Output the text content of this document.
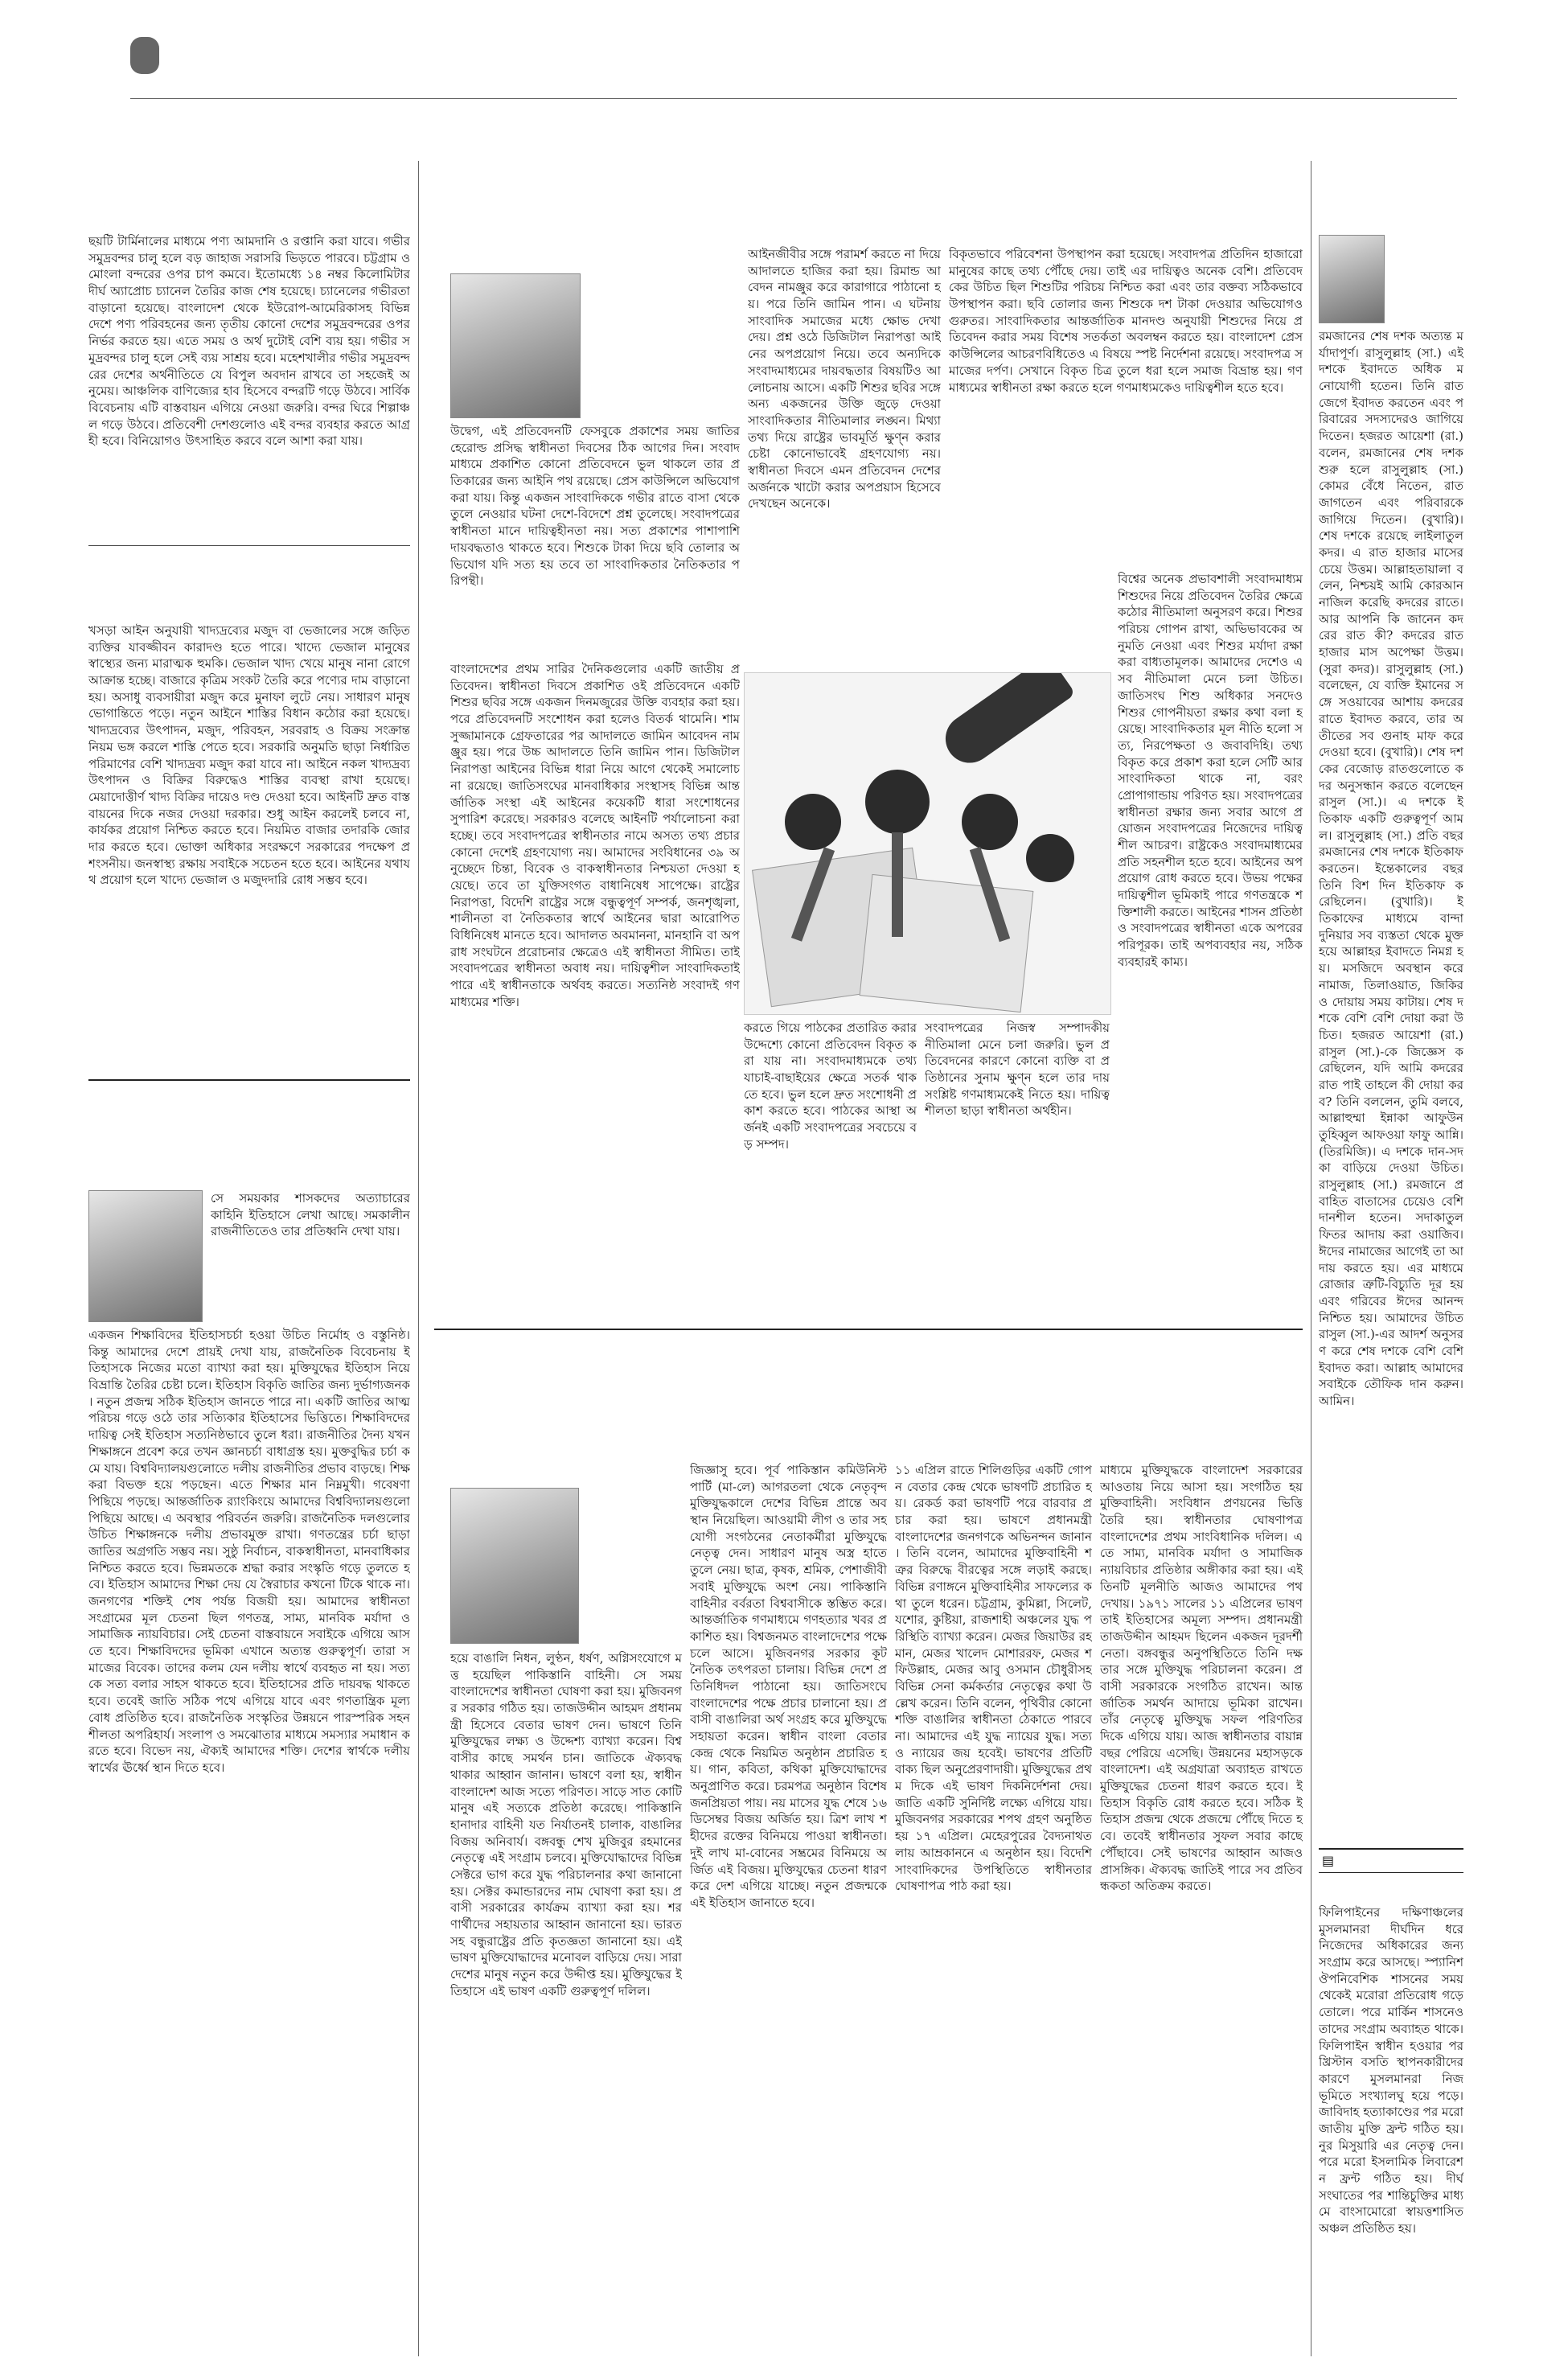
ছয়টি টার্মিনালের মাধ্যমে পণ্য আমদানি ও রপ্তানি করা যাবে। গভীর সমুদ্রবন্দর চালু হলে বড় জাহাজ সরাসরি ভিড়তে পারবে। চট্টগ্রাম ও মোংলা বন্দরের ওপর চাপ কমবে। ইতোমধ্যে ১৪ নম্বর কিলোমিটার দীর্ঘ অ্যাপ্রোচ চ্যানেল তৈরির কাজ শেষ হয়েছে। চ্যানেলের গভীরতা বাড়ানো হয়েছে। বাংলাদেশ থেকে ইউরোপ-আমেরিকাসহ বিভিন্ন দেশে পণ্য পরিবহনের জন্য তৃতীয় কোনো দেশের সমুদ্রবন্দরের ওপর নির্ভর করতে হয়। এতে সময় ও অর্থ দুটোই বেশি ব্যয় হয়। গভীর সমুদ্রবন্দর চালু হলে সেই ব্যয় সাশ্রয় হবে। মহেশখালীর গভীর সমুদ্রবন্দরের দেশের অর্থনীতিতে যে বিপুল অবদান রাখবে তা সহজেই অনুমেয়। আঞ্চলিক বাণিজ্যের হাব হিসেবে বন্দরটি গড়ে উঠবে। সার্বিক বিবেচনায় এটি বাস্তবায়ন এগিয়ে নেওয়া জরুরি। বন্দর ঘিরে শিল্পাঞ্চল গড়ে উঠবে। প্রতিবেশী দেশগুলোও এই বন্দর ব্যবহার করতে আগ্রহী হবে। বিনিয়োগও উৎসাহিত করবে বলে আশা করা যায়।
খসড়া আইন অনুযায়ী খাদ্যদ্রব্যের মজুদ বা ভেজালের সঙ্গে জড়িত ব্যক্তির যাবজ্জীবন কারাদণ্ড হতে পারে। খাদ্যে ভেজাল মানুষের স্বাস্থ্যের জন্য মারাত্মক হুমকি। ভেজাল খাদ্য খেয়ে মানুষ নানা রোগে আক্রান্ত হচ্ছে। বাজারে কৃত্রিম সংকট তৈরি করে পণ্যের দাম বাড়ানো হয়। অসাধু ব্যবসায়ীরা মজুদ করে মুনাফা লুটে নেয়। সাধারণ মানুষ ভোগান্তিতে পড়ে। নতুন আইনে শাস্তির বিধান কঠোর করা হয়েছে। খাদ্যদ্রব্যের উৎপাদন, মজুদ, পরিবহন, সরবরাহ ও বিক্রয় সংক্রান্ত নিয়ম ভঙ্গ করলে শাস্তি পেতে হবে। সরকারি অনুমতি ছাড়া নির্ধারিত পরিমাণের বেশি খাদ্যদ্রব্য মজুদ করা যাবে না। আইনে নকল খাদ্যদ্রব্য উৎপাদন ও বিক্রির বিরুদ্ধেও শাস্তির ব্যবস্থা রাখা হয়েছে। মেয়াদোত্তীর্ণ খাদ্য বিক্রির দায়েও দণ্ড দেওয়া হবে। আইনটি দ্রুত বাস্তবায়নের দিকে নজর দেওয়া দরকার। শুধু আইন করলেই চলবে না, কার্যকর প্রয়োগ নিশ্চিত করতে হবে। নিয়মিত বাজার তদারকি জোরদার করতে হবে। ভোক্তা অধিকার সংরক্ষণে সরকারের পদক্ষেপ প্রশংসনীয়। জনস্বাস্থ্য রক্ষায় সবাইকে সচেতন হতে হবে। আইনের যথাযথ প্রয়োগ হলে খাদ্যে ভেজাল ও মজুদদারি রোধ সম্ভব হবে।
সে সময়কার শাসকদের অত্যাচারের কাহিনি ইতিহাসে লেখা আছে। সমকালীন রাজনীতিতেও তার প্রতিধ্বনি দেখা যায়।
একজন শিক্ষাবিদের ইতিহাসচর্চা হওয়া উচিত নির্মোহ ও বস্তুনিষ্ঠ। কিন্তু আমাদের দেশে প্রায়ই দেখা যায়, রাজনৈতিক বিবেচনায় ইতিহাসকে নিজের মতো ব্যাখ্যা করা হয়। মুক্তিযুদ্ধের ইতিহাস নিয়ে বিভ্রান্তি তৈরির চেষ্টা চলে। ইতিহাস বিকৃতি জাতির জন্য দুর্ভাগ্যজনক। নতুন প্রজন্ম সঠিক ইতিহাস জানতে পারে না। একটি জাতির আত্মপরিচয় গড়ে ওঠে তার সত্যিকার ইতিহাসের ভিত্তিতে। শিক্ষাবিদদের দায়িত্ব সেই ইতিহাস সত্যনিষ্ঠভাবে তুলে ধরা। রাজনীতির দৈন্য যখন শিক্ষাঙ্গনে প্রবেশ করে তখন জ্ঞানচর্চা বাধাগ্রস্ত হয়। মুক্তবুদ্ধির চর্চা কমে যায়। বিশ্ববিদ্যালয়গুলোতে দলীয় রাজনীতির প্রভাব বাড়ছে। শিক্ষকরা বিভক্ত হয়ে পড়ছেন। এতে শিক্ষার মান নিম্নমুখী। গবেষণা পিছিয়ে পড়ছে। আন্তর্জাতিক র‍্যাংকিংয়ে আমাদের বিশ্ববিদ্যালয়গুলো পিছিয়ে আছে। এ অবস্থার পরিবর্তন জরুরি। রাজনৈতিক দলগুলোর উচিত শিক্ষাঙ্গনকে দলীয় প্রভাবমুক্ত রাখা। গণতন্ত্রের চর্চা ছাড়া জাতির অগ্রগতি সম্ভব নয়। সুষ্ঠু নির্বাচন, বাকস্বাধীনতা, মানবাধিকার নিশ্চিত করতে হবে। ভিন্নমতকে শ্রদ্ধা করার সংস্কৃতি গড়ে তুলতে হবে। ইতিহাস আমাদের শিক্ষা দেয় যে স্বৈরাচার কখনো টিকে থাকে না। জনগণের শক্তিই শেষ পর্যন্ত বিজয়ী হয়। আমাদের স্বাধীনতা সংগ্রামের মূল চেতনা ছিল গণতন্ত্র, সাম্য, মানবিক মর্যাদা ও সামাজিক ন্যায়বিচার। সেই চেতনা বাস্তবায়নে সবাইকে এগিয়ে আসতে হবে। শিক্ষাবিদদের ভূমিকা এখানে অত্যন্ত গুরুত্বপূর্ণ। তারা সমাজের বিবেক। তাদের কলম যেন দলীয় স্বার্থে ব্যবহৃত না হয়। সত্যকে সত্য বলার সাহস থাকতে হবে। ইতিহাসের প্রতি দায়বদ্ধ থাকতে হবে। তবেই জাতি সঠিক পথে এগিয়ে যাবে এবং গণতান্ত্রিক মূল্যবোধ প্রতিষ্ঠিত হবে। রাজনৈতিক সংস্কৃতির উন্নয়নে পারস্পরিক সহনশীলতা অপরিহার্য। সংলাপ ও সমঝোতার মাধ্যমে সমস্যার সমাধান করতে হবে। বিভেদ নয়, ঐক্যই আমাদের শক্তি। দেশের স্বার্থকে দলীয় স্বার্থের ঊর্ধ্বে স্থান দিতে হবে।
উদ্বেগ, এই প্রতিবেদনটি ফেসবুকে প্রকাশের সময় জাতির হেরোল্ড প্রসিদ্ধ স্বাধীনতা দিবসের ঠিক আগের দিন। সংবাদমাধ্যমে প্রকাশিত কোনো প্রতিবেদনে ভুল থাকলে তার প্রতিকারের জন্য আইনি পথ রয়েছে। প্রেস কাউন্সিলে অভিযোগ করা যায়। কিন্তু একজন সাংবাদিককে গভীর রাতে বাসা থেকে তুলে নেওয়ার ঘটনা দেশে-বিদেশে প্রশ্ন তুলেছে। সংবাদপত্রের স্বাধীনতা মানে দায়িত্বহীনতা নয়। সত্য প্রকাশের পাশাপাশি দায়বদ্ধতাও থাকতে হবে। শিশুকে টাকা দিয়ে ছবি তোলার অভিযোগ যদি সত্য হয় তবে তা সাংবাদিকতার নৈতিকতার পরিপন্থী।
আইনজীবীর সঙ্গে পরামর্শ করতে না দিয়ে আদালতে হাজির করা হয়। রিমান্ড আবেদন নামঞ্জুর করে কারাগারে পাঠানো হয়। পরে তিনি জামিন পান। এ ঘটনায় সাংবাদিক সমাজের মধ্যে ক্ষোভ দেখা দেয়। প্রশ্ন ওঠে ডিজিটাল নিরাপত্তা আইনের অপপ্রয়োগ নিয়ে। তবে অন্যদিকে সংবাদমাধ্যমের দায়বদ্ধতার বিষয়টিও আলোচনায় আসে। একটি শিশুর ছবির সঙ্গে অন্য একজনের উক্তি জুড়ে দেওয়া সাংবাদিকতার নীতিমালার লঙ্ঘন। মিথ্যা তথ্য দিয়ে রাষ্ট্রের ভাবমূর্তি ক্ষুণ্ন করার চেষ্টা কোনোভাবেই গ্রহণযোগ্য নয়। স্বাধীনতা দিবসে এমন প্রতিবেদন দেশের অর্জনকে খাটো করার অপপ্রয়াস হিসেবে দেখছেন অনেকে।
বিকৃতভাবে পরিবেশনা উপস্থাপন করা হয়েছে। সংবাদপত্র প্রতিদিন হাজারো মানুষের কাছে তথ্য পৌঁছে দেয়। তাই এর দায়িত্বও অনেক বেশি। প্রতিবেদকের উচিত ছিল শিশুটির পরিচয় নিশ্চিত করা এবং তার বক্তব্য সঠিকভাবে উপস্থাপন করা। ছবি তোলার জন্য শিশুকে দশ টাকা দেওয়ার অভিযোগও গুরুতর। সাংবাদিকতার আন্তর্জাতিক মানদণ্ড অনুযায়ী শিশুদের নিয়ে প্রতিবেদন করার সময় বিশেষ সতর্কতা অবলম্বন করতে হয়। বাংলাদেশ প্রেস কাউন্সিলের আচরণবিধিতেও এ বিষয়ে স্পষ্ট নির্দেশনা রয়েছে। সংবাদপত্র সমাজের দর্পণ। সেখানে বিকৃত চিত্র তুলে ধরা হলে সমাজ বিভ্রান্ত হয়। গণমাধ্যমের স্বাধীনতা রক্ষা করতে হলে গণমাধ্যমকেও দায়িত্বশীল হতে হবে।
বাংলাদেশের প্রথম সারির দৈনিকগুলোর একটি জাতীয় প্রতিবেদন। স্বাধীনতা দিবসে প্রকাশিত ওই প্রতিবেদনে একটি শিশুর ছবির সঙ্গে একজন দিনমজুরের উক্তি ব্যবহার করা হয়। পরে প্রতিবেদনটি সংশোধন করা হলেও বিতর্ক থামেনি। শামসুজ্জামানকে গ্রেফতারের পর আদালতে জামিন আবেদন নামঞ্জুর হয়। পরে উচ্চ আদালতে তিনি জামিন পান। ডিজিটাল নিরাপত্তা আইনের বিভিন্ন ধারা নিয়ে আগে থেকেই সমালোচনা রয়েছে। জাতিসংঘের মানবাধিকার সংস্থাসহ বিভিন্ন আন্তর্জাতিক সংস্থা এই আইনের কয়েকটি ধারা সংশোধনের সুপারিশ করেছে। সরকারও বলেছে আইনটি পর্যালোচনা করা হচ্ছে। তবে সংবাদপত্রের স্বাধীনতার নামে অসত্য তথ্য প্রচার কোনো দেশেই গ্রহণযোগ্য নয়। আমাদের সংবিধানের ৩৯ অনুচ্ছেদে চিন্তা, বিবেক ও বাকস্বাধীনতার নিশ্চয়তা দেওয়া হয়েছে। তবে তা যুক্তিসংগত বাধানিষেধ সাপেক্ষে। রাষ্ট্রের নিরাপত্তা, বিদেশি রাষ্ট্রের সঙ্গে বন্ধুত্বপূর্ণ সম্পর্ক, জনশৃঙ্খলা, শালীনতা বা নৈতিকতার স্বার্থে আইনের দ্বারা আরোপিত বিধিনিষেধ মানতে হবে। আদালত অবমাননা, মানহানি বা অপরাধ সংঘটনে প্ররোচনার ক্ষেত্রেও এই স্বাধীনতা সীমিত। তাই সংবাদপত্রের স্বাধীনতা অবাধ নয়। দায়িত্বশীল সাংবাদিকতাই পারে এই স্বাধীনতাকে অর্থবহ করতে। সত্যনিষ্ঠ সংবাদই গণমাধ্যমের শক্তি।
করতে গিয়ে পাঠকের প্রতারিত করার উদ্দেশ্যে কোনো প্রতিবেদন বিকৃত করা যায় না। সংবাদমাধ্যমকে তথ্য যাচাই-বাছাইয়ের ক্ষেত্রে সতর্ক থাকতে হবে। ভুল হলে দ্রুত সংশোধনী প্রকাশ করতে হবে। পাঠকের আস্থা অর্জনই একটি সংবাদপত্রের সবচেয়ে বড় সম্পদ।
সংবাদপত্রের নিজস্ব সম্পাদকীয় নীতিমালা মেনে চলা জরুরি। ভুল প্রতিবেদনের কারণে কোনো ব্যক্তি বা প্রতিষ্ঠানের সুনাম ক্ষুণ্ন হলে তার দায় সংশ্লিষ্ট গণমাধ্যমকেই নিতে হয়। দায়িত্বশীলতা ছাড়া স্বাধীনতা অর্থহীন।
বিশ্বের অনেক প্রভাবশালী সংবাদমাধ্যম শিশুদের নিয়ে প্রতিবেদন তৈরির ক্ষেত্রে কঠোর নীতিমালা অনুসরণ করে। শিশুর পরিচয় গোপন রাখা, অভিভাবকের অনুমতি নেওয়া এবং শিশুর মর্যাদা রক্ষা করা বাধ্যতামূলক। আমাদের দেশেও এসব নীতিমালা মেনে চলা উচিত। জাতিসংঘ শিশু অধিকার সনদেও শিশুর গোপনীয়তা রক্ষার কথা বলা হয়েছে। সাংবাদিকতার মূল নীতি হলো সত্য, নিরপেক্ষতা ও জবাবদিহি। তথ্য বিকৃত করে প্রকাশ করা হলে সেটি আর সাংবাদিকতা থাকে না, বরং প্রোপাগান্ডায় পরিণত হয়। সংবাদপত্রের স্বাধীনতা রক্ষার জন্য সবার আগে প্রয়োজন সংবাদপত্রের নিজেদের দায়িত্বশীল আচরণ। রাষ্ট্রকেও সংবাদমাধ্যমের প্রতি সহনশীল হতে হবে। আইনের অপপ্রয়োগ রোধ করতে হবে। উভয় পক্ষের দায়িত্বশীল ভূমিকাই পারে গণতন্ত্রকে শক্তিশালী করতে। আইনের শাসন প্রতিষ্ঠা ও সংবাদপত্রের স্বাধীনতা একে অপরের পরিপূরক। তাই অপব্যবহার নয়, সঠিক ব্যবহারই কাম্য।
হয়ে বাঙালি নিধন, লুণ্ঠন, ধর্ষণ, অগ্নিসংযোগে মত্ত হয়েছিল পাকিস্তানি বাহিনী। সে সময় বাংলাদেশের স্বাধীনতা ঘোষণা করা হয়। মুজিবনগর সরকার গঠিত হয়। তাজউদ্দীন আহমদ প্রধানমন্ত্রী হিসেবে বেতার ভাষণ দেন। ভাষণে তিনি মুক্তিযুদ্ধের লক্ষ্য ও উদ্দেশ্য ব্যাখ্যা করেন। বিশ্ববাসীর কাছে সমর্থন চান। জাতিকে ঐক্যবদ্ধ থাকার আহ্বান জানান। ভাষণে বলা হয়, স্বাধীন বাংলাদেশ আজ সত্যে পরিণত। সাড়ে সাত কোটি মানুষ এই সত্যকে প্রতিষ্ঠা করেছে। পাকিস্তানি হানাদার বাহিনী যত নির্যাতনই চালাক, বাঙালির বিজয় অনিবার্য। বঙ্গবন্ধু শেখ মুজিবুর রহমানের নেতৃত্বে এই সংগ্রাম চলবে। মুক্তিযোদ্ধাদের বিভিন্ন সেক্টরে ভাগ করে যুদ্ধ পরিচালনার কথা জানানো হয়। সেক্টর কমান্ডারদের নাম ঘোষণা করা হয়। প্রবাসী সরকারের কার্যক্রম ব্যাখ্যা করা হয়। শরণার্থীদের সহায়তার আহ্বান জানানো হয়। ভারতসহ বন্ধুরাষ্ট্রের প্রতি কৃতজ্ঞতা জানানো হয়। এই ভাষণ মুক্তিযোদ্ধাদের মনোবল বাড়িয়ে দেয়। সারা দেশের মানুষ নতুন করে উদ্দীপ্ত হয়। মুক্তিযুদ্ধের ইতিহাসে এই ভাষণ একটি গুরুত্বপূর্ণ দলিল।
জিজ্ঞাসু হবে। পূর্ব পাকিস্তান কমিউনিস্ট পার্টি (মা-লে) আগরতলা থেকে নেতৃবৃন্দ মুক্তিযুদ্ধকালে দেশের বিভিন্ন প্রান্তে অবস্থান নিয়েছিল। আওয়ামী লীগ ও তার সহযোগী সংগঠনের নেতাকর্মীরা মুক্তিযুদ্ধে নেতৃত্ব দেন। সাধারণ মানুষ অস্ত্র হাতে তুলে নেয়। ছাত্র, কৃষক, শ্রমিক, পেশাজীবী সবাই মুক্তিযুদ্ধে অংশ নেয়। পাকিস্তানি বাহিনীর বর্বরতা বিশ্ববাসীকে স্তম্ভিত করে। আন্তর্জাতিক গণমাধ্যমে গণহত্যার খবর প্রকাশিত হয়। বিশ্বজনমত বাংলাদেশের পক্ষে চলে আসে। মুজিবনগর সরকার কূটনৈতিক তৎপরতা চালায়। বিভিন্ন দেশে প্রতিনিধিদল পাঠানো হয়। জাতিসংঘে বাংলাদেশের পক্ষে প্রচার চালানো হয়। প্রবাসী বাঙালিরা অর্থ সংগ্রহ করে মুক্তিযুদ্ধে সহায়তা করেন। স্বাধীন বাংলা বেতার কেন্দ্র থেকে নিয়মিত অনুষ্ঠান প্রচারিত হয়। গান, কবিতা, কথিকা মুক্তিযোদ্ধাদের অনুপ্রাণিত করে। চরমপত্র অনুষ্ঠান বিশেষ জনপ্রিয়তা পায়। নয় মাসের যুদ্ধ শেষে ১৬ ডিসেম্বর বিজয় অর্জিত হয়। ত্রিশ লাখ শহীদের রক্তের বিনিময়ে পাওয়া স্বাধীনতা। দুই লাখ মা-বোনের সম্ভ্রমের বিনিময়ে অর্জিত এই বিজয়। মুক্তিযুদ্ধের চেতনা ধারণ করে দেশ এগিয়ে যাচ্ছে। নতুন প্রজন্মকে এই ইতিহাস জানাতে হবে।
১১ এপ্রিল রাতে শিলিগুড়ির একটি গোপন বেতার কেন্দ্র থেকে ভাষণটি প্রচারিত হয়। রেকর্ড করা ভাষণটি পরে বারবার প্রচার করা হয়। ভাষণে প্রধানমন্ত্রী বাংলাদেশের জনগণকে অভিনন্দন জানান। তিনি বলেন, আমাদের মুক্তিবাহিনী শত্রুর বিরুদ্ধে বীরত্বের সঙ্গে লড়াই করছে। বিভিন্ন রণাঙ্গনে মুক্তিবাহিনীর সাফল্যের কথা তুলে ধরেন। চট্টগ্রাম, কুমিল্লা, সিলেট, যশোর, কুষ্টিয়া, রাজশাহী অঞ্চলের যুদ্ধ পরিস্থিতি ব্যাখ্যা করেন। মেজর জিয়াউর রহমান, মেজর খালেদ মোশাররফ, মেজর শফিউল্লাহ, মেজর আবু ওসমান চৌধুরীসহ বিভিন্ন সেনা কর্মকর্তার নেতৃত্বের কথা উল্লেখ করেন। তিনি বলেন, পৃথিবীর কোনো শক্তি বাঙালির স্বাধীনতা ঠেকাতে পারবে না। আমাদের এই যুদ্ধ ন্যায়ের যুদ্ধ। সত্য ও ন্যায়ের জয় হবেই। ভাষণের প্রতিটি বাক্য ছিল অনুপ্রেরণাদায়ী। মুক্তিযুদ্ধের প্রথম দিকে এই ভাষণ দিকনির্দেশনা দেয়। জাতি একটি সুনির্দিষ্ট লক্ষ্যে এগিয়ে যায়। মুজিবনগর সরকারের শপথ গ্রহণ অনুষ্ঠিত হয় ১৭ এপ্রিল। মেহেরপুরের বৈদ্যনাথতলায় আম্রকাননে এ অনুষ্ঠান হয়। বিদেশি সাংবাদিকদের উপস্থিতিতে স্বাধীনতার ঘোষণাপত্র পাঠ করা হয়।
মাধ্যমে মুক্তিযুদ্ধকে বাংলাদেশ সরকারের আওতায় নিয়ে আসা হয়। সংগঠিত হয় মুক্তিবাহিনী। সংবিধান প্রণয়নের ভিত্তি তৈরি হয়। স্বাধীনতার ঘোষণাপত্র বাংলাদেশের প্রথম সাংবিধানিক দলিল। এতে সাম্য, মানবিক মর্যাদা ও সামাজিক ন্যায়বিচার প্রতিষ্ঠার অঙ্গীকার করা হয়। এই তিনটি মূলনীতি আজও আমাদের পথ দেখায়। ১৯৭১ সালের ১১ এপ্রিলের ভাষণ তাই ইতিহাসের অমূল্য সম্পদ। প্রধানমন্ত্রী তাজউদ্দীন আহমদ ছিলেন একজন দূরদর্শী নেতা। বঙ্গবন্ধুর অনুপস্থিতিতে তিনি দক্ষতার সঙ্গে মুক্তিযুদ্ধ পরিচালনা করেন। প্রবাসী সরকারকে সংগঠিত রাখেন। আন্তর্জাতিক সমর্থন আদায়ে ভূমিকা রাখেন। তাঁর নেতৃত্বে মুক্তিযুদ্ধ সফল পরিণতির দিকে এগিয়ে যায়। আজ স্বাধীনতার বায়ান্ন বছর পেরিয়ে এসেছি। উন্নয়নের মহাসড়কে বাংলাদেশ। এই অগ্রযাত্রা অব্যাহত রাখতে মুক্তিযুদ্ধের চেতনা ধারণ করতে হবে। ইতিহাস বিকৃতি রোধ করতে হবে। সঠিক ইতিহাস প্রজন্ম থেকে প্রজন্মে পৌঁছে দিতে হবে। তবেই স্বাধীনতার সুফল সবার কাছে পৌঁছাবে। সেই ভাষণের আহ্বান আজও প্রাসঙ্গিক। ঐক্যবদ্ধ জাতিই পারে সব প্রতিবন্ধকতা অতিক্রম করতে।
রমজানের শেষ দশক অত্যন্ত মর্যাদাপূর্ণ। রাসুলুল্লাহ (সা.) এই দশকে ইবাদতে অধিক মনোযোগী হতেন। তিনি রাত জেগে ইবাদত করতেন এবং পরিবারের সদস্যদেরও জাগিয়ে দিতেন। হজরত আয়েশা (রা.) বলেন, রমজানের শেষ দশক শুরু হলে রাসুলুল্লাহ (সা.) কোমর বেঁধে নিতেন, রাত জাগতেন এবং পরিবারকে জাগিয়ে দিতেন। (বুখারি)। শেষ দশকে রয়েছে লাইলাতুল কদর। এ রাত হাজার মাসের চেয়ে উত্তম। আল্লাহতায়ালা বলেন, নিশ্চয়ই আমি কোরআন নাজিল করেছি কদরের রাতে। আর আপনি কি জানেন কদরের রাত কী? কদরের রাত হাজার মাস অপেক্ষা উত্তম। (সুরা কদর)। রাসুলুল্লাহ (সা.) বলেছেন, যে ব্যক্তি ইমানের সঙ্গে সওয়াবের আশায় কদরের রাতে ইবাদত করবে, তার অতীতের সব গুনাহ মাফ করে দেওয়া হবে। (বুখারি)। শেষ দশকের বেজোড় রাতগুলোতে কদর অনুসন্ধান করতে বলেছেন রাসুল (সা.)। এ দশকে ইতিকাফ একটি গুরুত্বপূর্ণ আমল। রাসুলুল্লাহ (সা.) প্রতি বছর রমজানের শেষ দশকে ইতিকাফ করতেন। ইন্তেকালের বছর তিনি বিশ দিন ইতিকাফ করেছিলেন। (বুখারি)। ইতিকাফের মাধ্যমে বান্দা দুনিয়ার সব ব্যস্ততা থেকে মুক্ত হয়ে আল্লাহর ইবাদতে নিমগ্ন হয়। মসজিদে অবস্থান করে নামাজ, তিলাওয়াত, জিকির ও দোয়ায় সময় কাটায়। শেষ দশকে বেশি বেশি দোয়া করা উচিত। হজরত আয়েশা (রা.) রাসুল (সা.)-কে জিজ্ঞেস করেছিলেন, যদি আমি কদরের রাত পাই তাহলে কী দোয়া করব? তিনি বললেন, তুমি বলবে, আল্লাহুম্মা ইন্নাকা আফুউন তুহিব্বুল আফওয়া ফাফু আন্নি। (তিরমিজি)। এ দশকে দান-সদকা বাড়িয়ে দেওয়া উচিত। রাসুলুল্লাহ (সা.) রমজানে প্রবাহিত বাতাসের চেয়েও বেশি দানশীল হতেন। সদাকাতুল ফিতর আদায় করা ওয়াজিব। ঈদের নামাজের আগেই তা আদায় করতে হয়। এর মাধ্যমে রোজার ত্রুটি-বিচ্যুতি দূর হয় এবং গরিবের ঈদের আনন্দ নিশ্চিত হয়। আমাদের উচিত রাসুল (সা.)-এর আদর্শ অনুসরণ করে শেষ দশকে বেশি বেশি ইবাদত করা। আল্লাহ আমাদের সবাইকে তৌফিক দান করুন। আমিন।
▤
ফিলিপাইনের দক্ষিণাঞ্চলের মুসলমানরা দীর্ঘদিন ধরে নিজেদের অধিকারের জন্য সংগ্রাম করে আসছে। স্প্যানিশ ঔপনিবেশিক শাসনের সময় থেকেই মরোরা প্রতিরোধ গড়ে তোলে। পরে মার্কিন শাসনেও তাদের সংগ্রাম অব্যাহত থাকে। ফিলিপাইন স্বাধীন হওয়ার পর খ্রিস্টান বসতি স্থাপনকারীদের কারণে মুসলমানরা নিজ ভূমিতে সংখ্যালঘু হয়ে পড়ে। জাবিদাহ হত্যাকাণ্ডের পর মরো জাতীয় মুক্তি ফ্রন্ট গঠিত হয়। নুর মিসুয়ারি এর নেতৃত্ব দেন। পরে মরো ইসলামিক লিবারেশন ফ্রন্ট গঠিত হয়। দীর্ঘ সংঘাতের পর শান্তিচুক্তির মাধ্যমে বাংসামোরো স্বায়ত্তশাসিত অঞ্চল প্রতিষ্ঠিত হয়।
